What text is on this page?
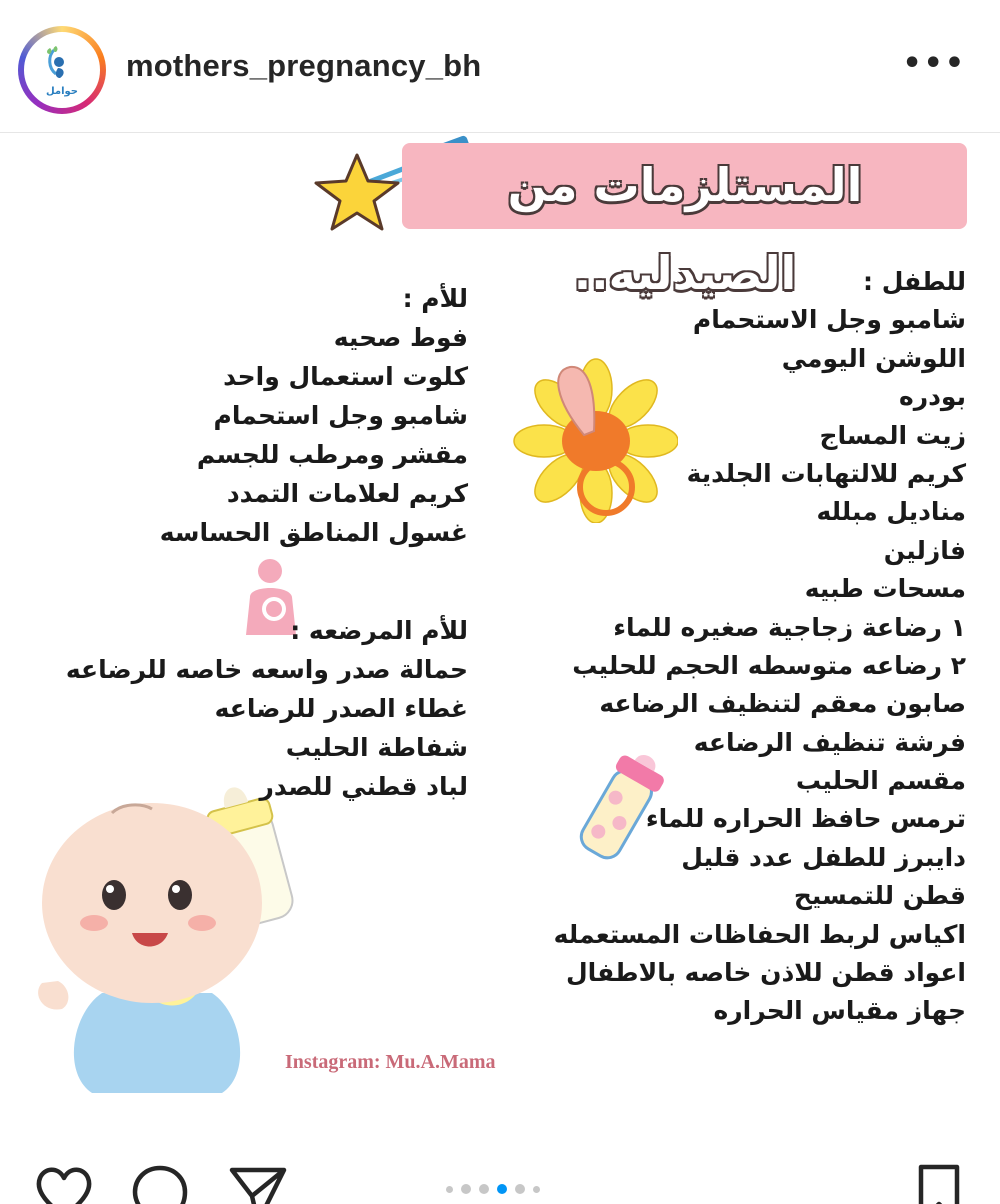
حوامل
mothers_pregnancy_bh	•••
المستلزمات من الصيدليه..	للطفل :
شامبو وجل الاستحمام
اللوشن اليومي
بودره
زيت المساج
كريم للالتهابات الجلدية
مناديل مبلله
فازلين
مسحات طبيه
١ رضاعة زجاجية صغيره للماء
٢ رضاعه متوسطه الحجم للحليب
صابون معقم لتنظيف الرضاعه
فرشة تنظيف الرضاعه
مقسم الحليب
ترمس حافظ الحراره للماء
دايبرز للطفل عدد قليل
قطن للتمسيح
اكياس لربط الحفاظات المستعمله
اعواد قطن للاذن خاصه بالاطفال
جهاز مقياس الحراره
للأم :
فوط صحيه
كلوت استعمال واحد
شامبو وجل استحمام
مقشر ومرطب للجسم
كريم لعلامات التمدد
غسول المناطق الحساسه
للأم المرضعه :
حمالة صدر واسعه خاصه للرضاعه
غطاء الصدر للرضاعه
شفاطة الحليب
لباد قطني للصدر
Instagram: Mu.A.Mama
